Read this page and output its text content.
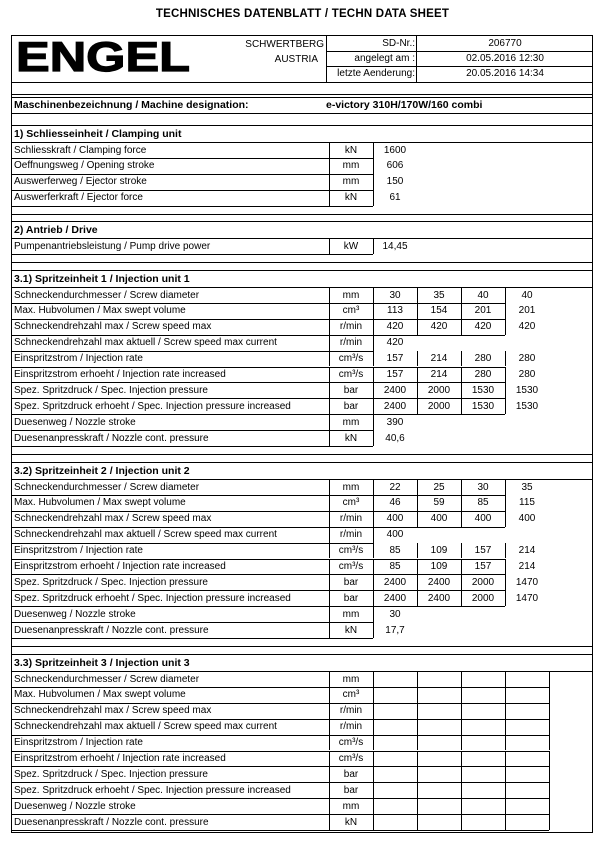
TECHNISCHES DATENBLATT / TECHN DATA SHEET
ENGEL	SCHWERTBERG
AUSTRIA
SD-Nr.:	206770
angelegt am :	02.05.2016 12:30
letzte Aenderung:	20.05.2016 14:34
Maschinenbezeichnung / Machine designation:	e-victory 310H/170W/160 combi
1) Schliesseinheit / Clamping unit
Schliesskraft / Clamping force	kN	1600
Oeffnungsweg / Opening stroke	mm	606
Auswerferweg / Ejector stroke	mm	150
Auswerferkraft / Ejector force	kN	61
2) Antrieb / Drive
Pumpenantriebsleistung / Pump drive power	kW	14,45
3.1) Spritzeinheit 1 / Injection unit 1
Schneckendurchmesser / Screw diameter	mm	30	35	40	40
Max. Hubvolumen / Max swept volume	cm³	113	154	201	201
Schneckendrehzahl max / Screw speed max	r/min	420	420	420	420
Schneckendrehzahl max aktuell / Screw speed max current	r/min	420
Einspritzstrom / Injection rate	cm³/s	157	214	280	280
Einspritzstrom erhoeht / Injection rate increased	cm³/s	157	214	280	280
Spez. Spritzdruck / Spec. Injection pressure	bar	2400	2000	1530	1530
Spez. Spritzdruck erhoeht / Spec. Injection pressure increased	bar	2400	2000	1530	1530
Duesenweg / Nozzle stroke	mm	390
Duesenanpresskraft / Nozzle cont. pressure	kN	40,6
3.2) Spritzeinheit 2 / Injection unit 2
Schneckendurchmesser / Screw diameter	mm	22	25	30	35
Max. Hubvolumen / Max swept volume	cm³	46	59	85	115
Schneckendrehzahl max / Screw speed max	r/min	400	400	400	400
Schneckendrehzahl max aktuell / Screw speed max current	r/min	400
Einspritzstrom / Injection rate	cm³/s	85	109	157	214
Einspritzstrom erhoeht / Injection rate increased	cm³/s	85	109	157	214
Spez. Spritzdruck / Spec. Injection pressure	bar	2400	2400	2000	1470
Spez. Spritzdruck erhoeht / Spec. Injection pressure increased	bar	2400	2400	2000	1470
Duesenweg / Nozzle stroke	mm	30
Duesenanpresskraft / Nozzle cont. pressure	kN	17,7
3.3) Spritzeinheit 3 / Injection unit 3
Schneckendurchmesser / Screw diameter	mm
Max. Hubvolumen / Max swept volume	cm³
Schneckendrehzahl max / Screw speed max	r/min
Schneckendrehzahl max aktuell / Screw speed max current	r/min
Einspritzstrom / Injection rate	cm³/s
Einspritzstrom erhoeht / Injection rate increased	cm³/s
Spez. Spritzdruck / Spec. Injection pressure	bar
Spez. Spritzdruck erhoeht / Spec. Injection pressure increased	bar
Duesenweg / Nozzle stroke	mm
Duesenanpresskraft / Nozzle cont. pressure	kN
